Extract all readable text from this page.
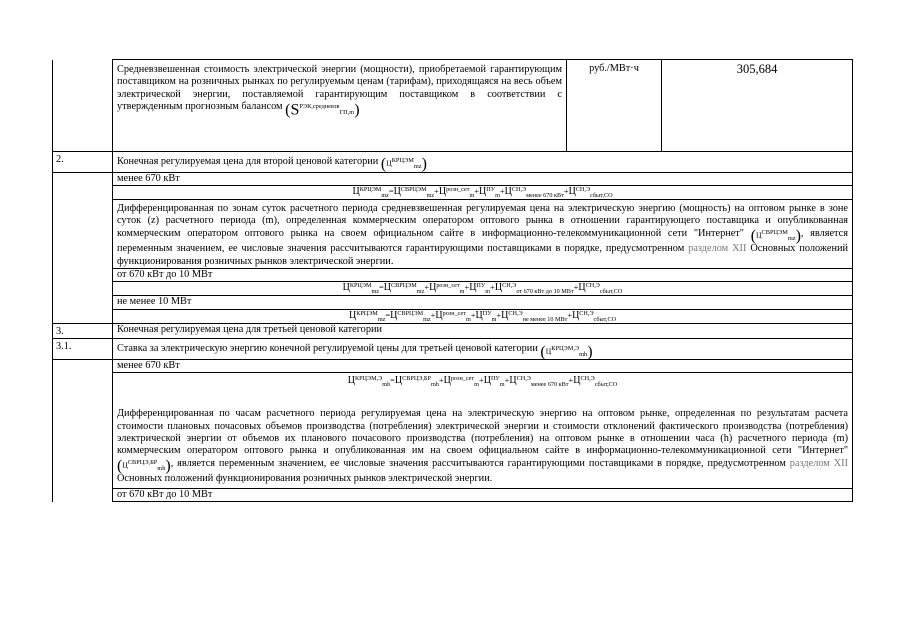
	Средневзвешенная стоимость электрической энергии (мощности), приобретаемой гарантирующим поставщиком на розничных рынках по регулируемым ценам (тарифам), приходящаяся на весь объем электрической энергии, поставляемой гарантирующим поставщиком в соответствии с утвержденным прогнозным балансом $(S^{РЭК,средневзв}_{ГП,m})$	руб./МВт·ч	305,684
2.	Конечная регулируемая цена для второй ценовой категории $(Ц^{КРЦЭМ}_{mz})$		
	менее 670 кВт		
	$Ц^{КРЦЭМ}_{mz}=Ц^{СВРЦЭМ}_{mz}+Ц^{розн\_сет}_m+Ц^{ПУ}_m+Ц^{СН,Э}_{менее 670 кВт}+Ц^{СН,Э}_{сбыт,СО}$
	Дифференцированная по зонам суток расчетного периода средневзвешенная регулируемая цена на электрическую энергию (мощность) на оптовом рынке в зоне суток (z) расчетного периода (m), определенная коммерческим оператором оптового рынка в отношении гарантирующего поставщика и опубликованная коммерческим оператором оптового рынка на своем официальном сайте в информационно-телекоммуникационной сети "Интернет" $(Ц^{СВРЦЭМ}_{mz})$, является переменным значением, ее числовые значения рассчитываются гарантирующими поставщиками в порядке, предусмотренном разделом XII Основных положений функционирования розничных рынков электрической энергии.		
	от 670 кВт до 10 МВт		
	$Ц^{КРЦЭМ}_{mz}=Ц^{СВРЦЭМ}_{mz}+Ц^{розн\_сет}_m+Ц^{ПУ}_m+Ц^{СН,Э}_{от 670 кВт до 10 МВт}+Ц^{СН,Э}_{сбыт,СО}$
	не менее 10 МВт		
	$Ц^{КРЦЭМ}_{mz}=Ц^{СВРЦЭМ}_{mz}+Ц^{розн\_сет}_m+Ц^{ПУ}_m+Ц^{СН,Э}_{не менее 10 МВт}+Ц^{СН,Э}_{сбыт,СО}$
3.	Конечная регулируемая цена для третьей ценовой категории		
3.1.	Ставка за электрическую энергию конечной регулируемой цены для третьей ценовой категории $(Ц^{КРЦЭМ,Э}_{mh})$		
	менее 670 кВт		

	$Ц^{КРЦЭМ,Э}_{mh}=Ц^{СВРЦЭ,БР}_{mh}+Ц^{розн\_сет}_m+Ц^{ПУ}_m+Ц^{СН,Э}_{менее 670 кВт}+Ц^{СН,Э}_{сбыт,СО}$
Дифференцированная по часам расчетного периода регулируемая цена на электрическую энергию на оптовом рынке, определенная по результатам расчета стоимости плановых почасовых объемов производства (потребления) электрической энергии и стоимости отклонений фактического производства (потребления) электрической энергии от объемов их планового почасового производства (потребления) на оптовом рынке в отношении часа (h) расчетного периода (m) коммерческим оператором оптового рынка и опубликованная им на своем официальном сайте в информационно-телекоммуникационной сети "Интернет" $(Ц^{СВРЦЭ,БР}_{mh})$, является переменным значением, ее числовые значения рассчитываются гарантирующими поставщиками в порядке, предусмотренном разделом XII Основных положений функционирования розничных рынков электрической энергии.		

	от 670 кВт до 10 МВт		
